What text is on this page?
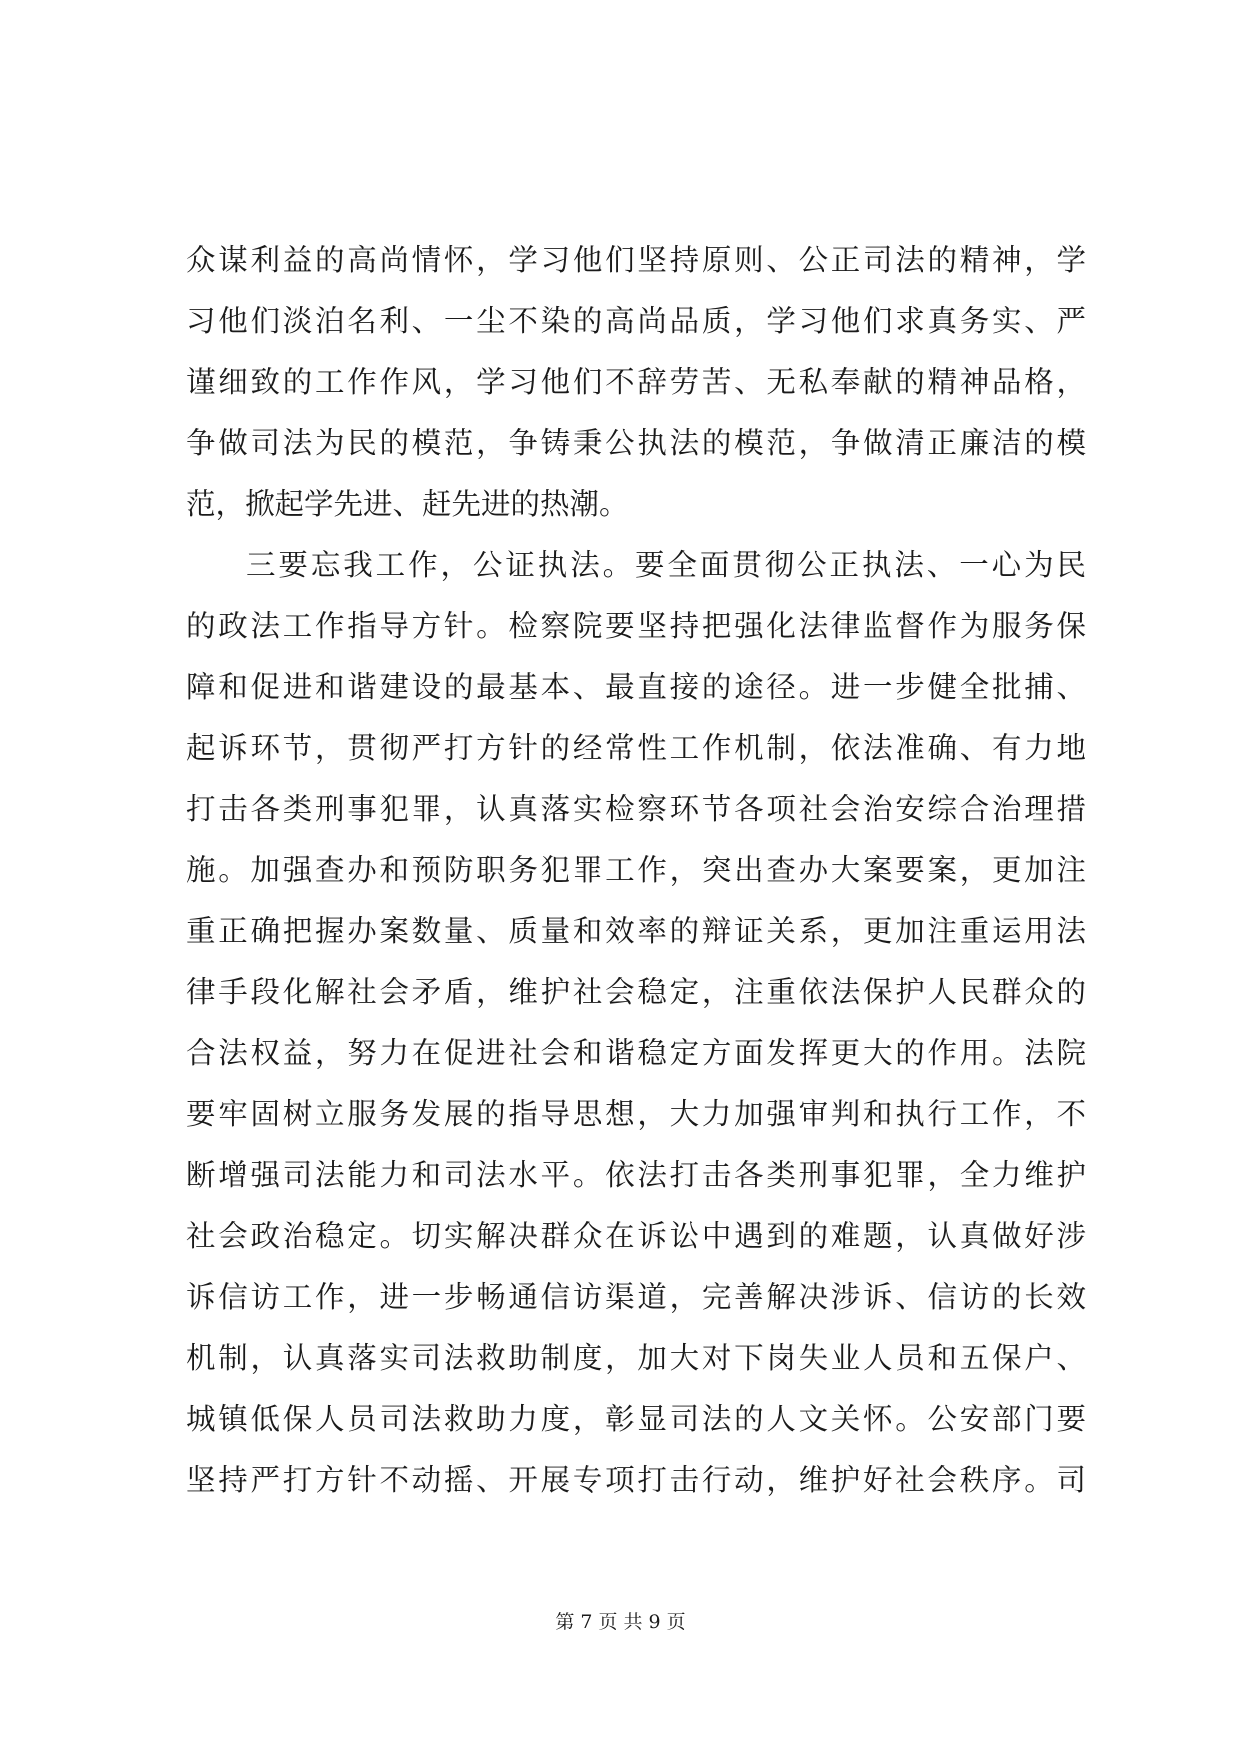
众谋利益的高尚情怀，学习他们坚持原则、公正司法的精神，学
习他们淡泊名利、一尘不染的高尚品质，学习他们求真务实、严
谨细致的工作作风，学习他们不辞劳苦、无私奉献的精神品格，
争做司法为民的模范，争铸秉公执法的模范，争做清正廉洁的模
范，掀起学先进、赶先进的热潮。
三要忘我工作，公证执法。要全面贯彻公正执法、一心为民
的政法工作指导方针。检察院要坚持把强化法律监督作为服务保
障和促进和谐建设的最基本、最直接的途径。进一步健全批捕、
起诉环节，贯彻严打方针的经常性工作机制，依法准确、有力地
打击各类刑事犯罪，认真落实检察环节各项社会治安综合治理措
施。加强查办和预防职务犯罪工作，突出查办大案要案，更加注
重正确把握办案数量、质量和效率的辩证关系，更加注重运用法
律手段化解社会矛盾，维护社会稳定，注重依法保护人民群众的
合法权益，努力在促进社会和谐稳定方面发挥更大的作用。法院
要牢固树立服务发展的指导思想，大力加强审判和执行工作，不
断增强司法能力和司法水平。依法打击各类刑事犯罪，全力维护
社会政治稳定。切实解决群众在诉讼中遇到的难题，认真做好涉
诉信访工作，进一步畅通信访渠道，完善解决涉诉、信访的长效
机制，认真落实司法救助制度，加大对下岗失业人员和五保户、
城镇低保人员司法救助力度，彰显司法的人文关怀。公安部门要
坚持严打方针不动摇、开展专项打击行动，维护好社会秩序。司
第 7 页 共 9 页
